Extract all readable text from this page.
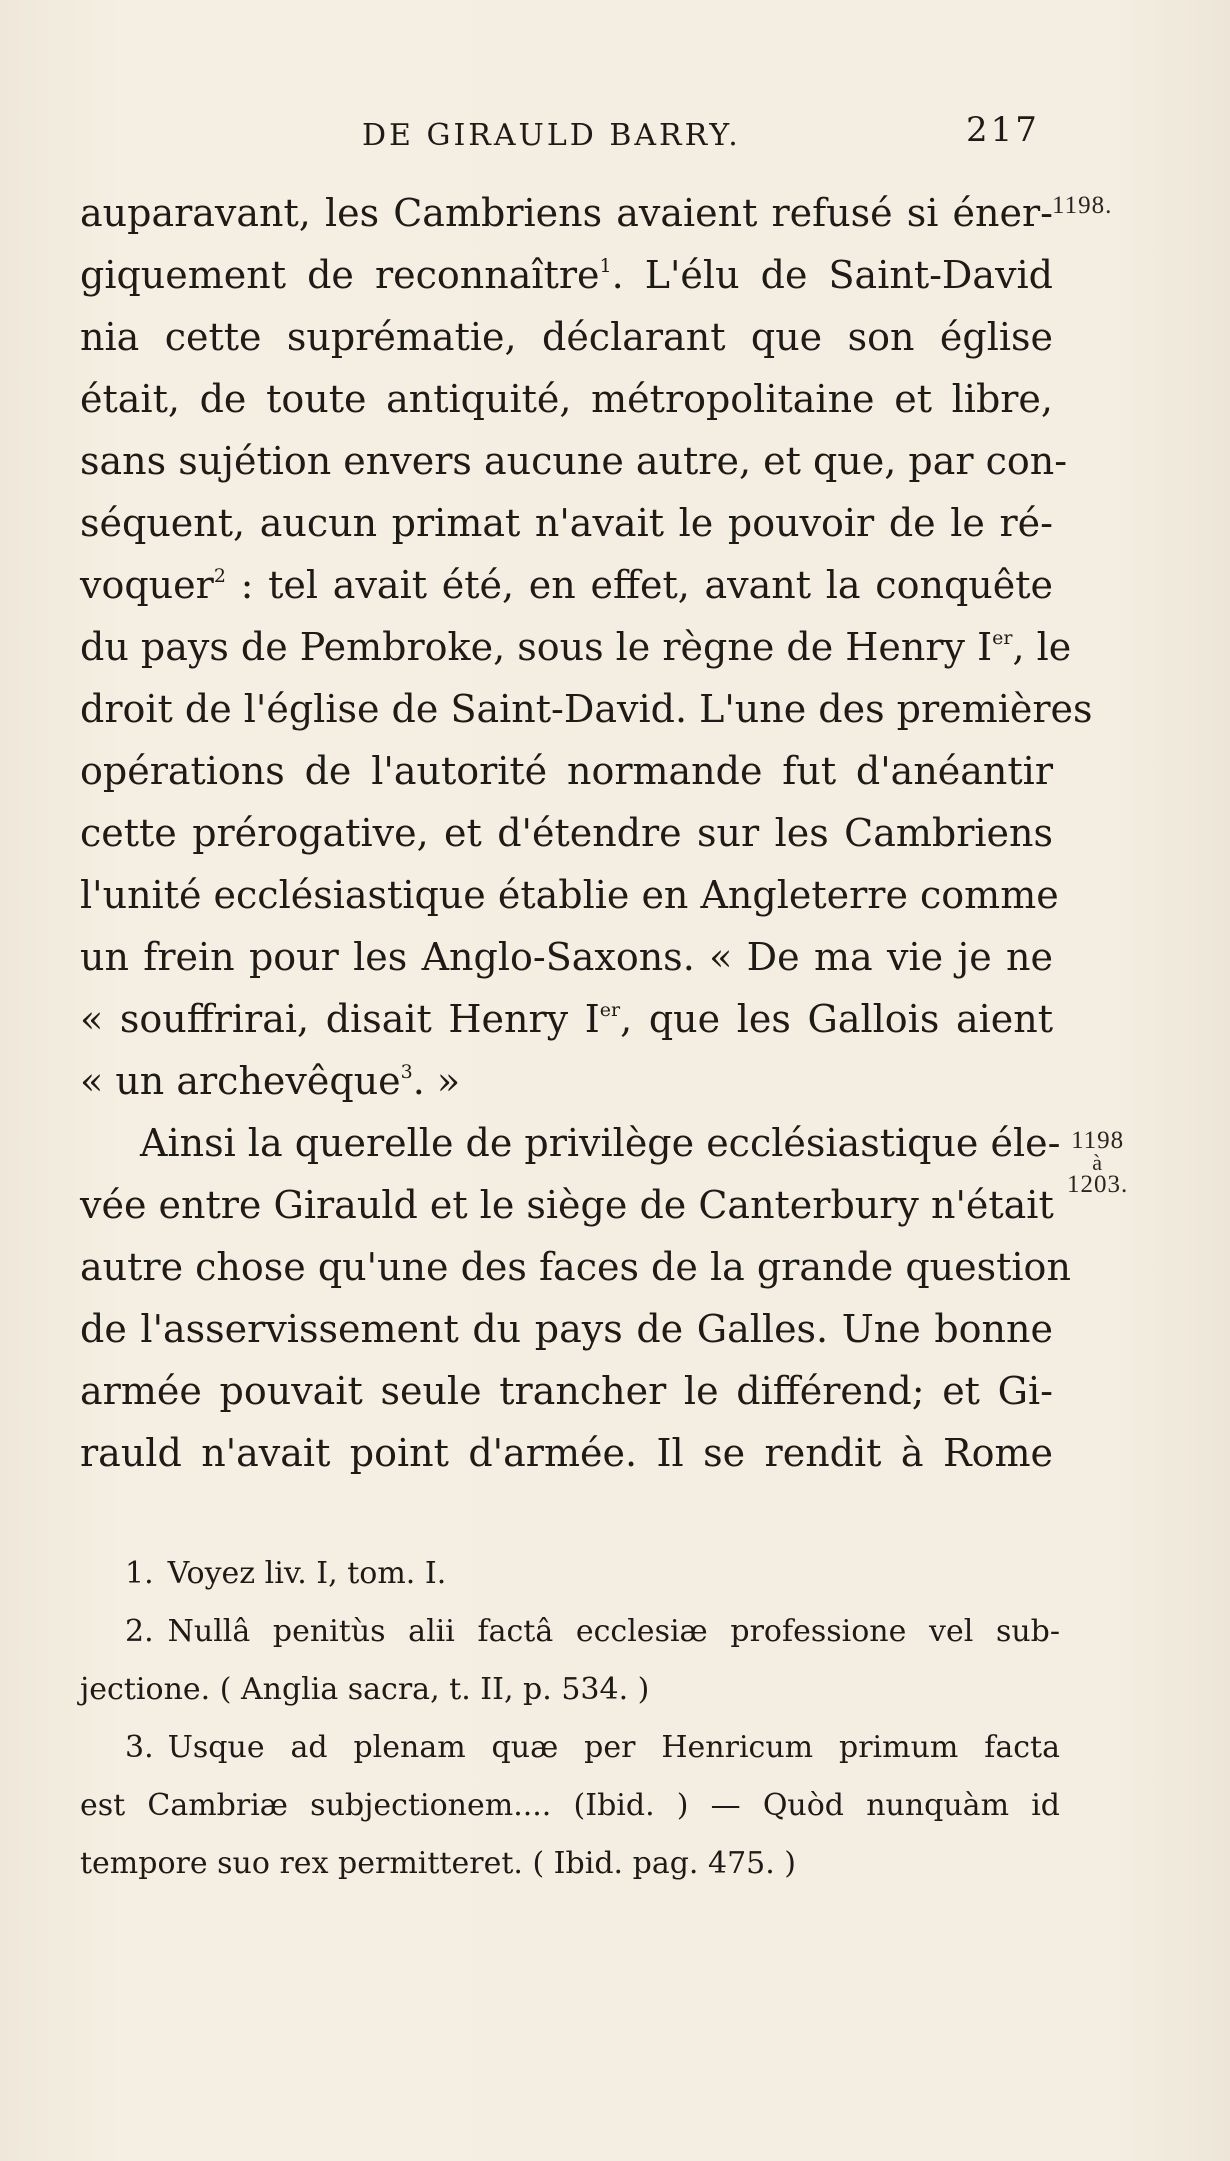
DE GIRAULD BARRY.	217
auparavant, les Cambriens avaient refusé si éner-
giquement de reconnaître$^1$. L'élu de Saint-David
nia cette suprématie, déclarant que son église
était, de toute antiquité, métropolitaine et libre,
sans sujétion envers aucune autre, et que, par con-
séquent, aucun primat n'avait le pouvoir de le ré-
voquer$^2$ : tel avait été, en effet, avant la conquête
du pays de Pembroke, sous le règne de Henry Ier, le
droit de l'église de Saint-David. L'une des premières
opérations de l'autorité normande fut d'anéantir
cette prérogative, et d'étendre sur les Cambriens
l'unité ecclésiastique établie en Angleterre comme
un frein pour les Anglo-Saxons. « De ma vie je ne
« souffrirai, disait Henry Ier, que les Gallois aient
« un archevêque$^3$. »
Ainsi la querelle de privilège ecclésiastique éle-
vée entre Girauld et le siège de Canterbury n'était
autre chose qu'une des faces de la grande question
de l'asservissement du pays de Galles. Une bonne
armée pouvait seule trancher le différend; et Gi-
rauld n'avait point d'armée. Il se rendit à Rome
1198.
1198
à
1203.
1. Voyez liv. I, tom. I.
2. Nullâ penitùs alii factâ ecclesiæ professione vel sub-
jectione. ( Anglia sacra, t. II, p. 534. )
3. Usque ad plenam quæ per Henricum primum facta
est Cambriæ subjectionem.... (Ibid. ) — Quòd nunquàm id
tempore suo rex permitteret. ( Ibid. pag. 475. )
